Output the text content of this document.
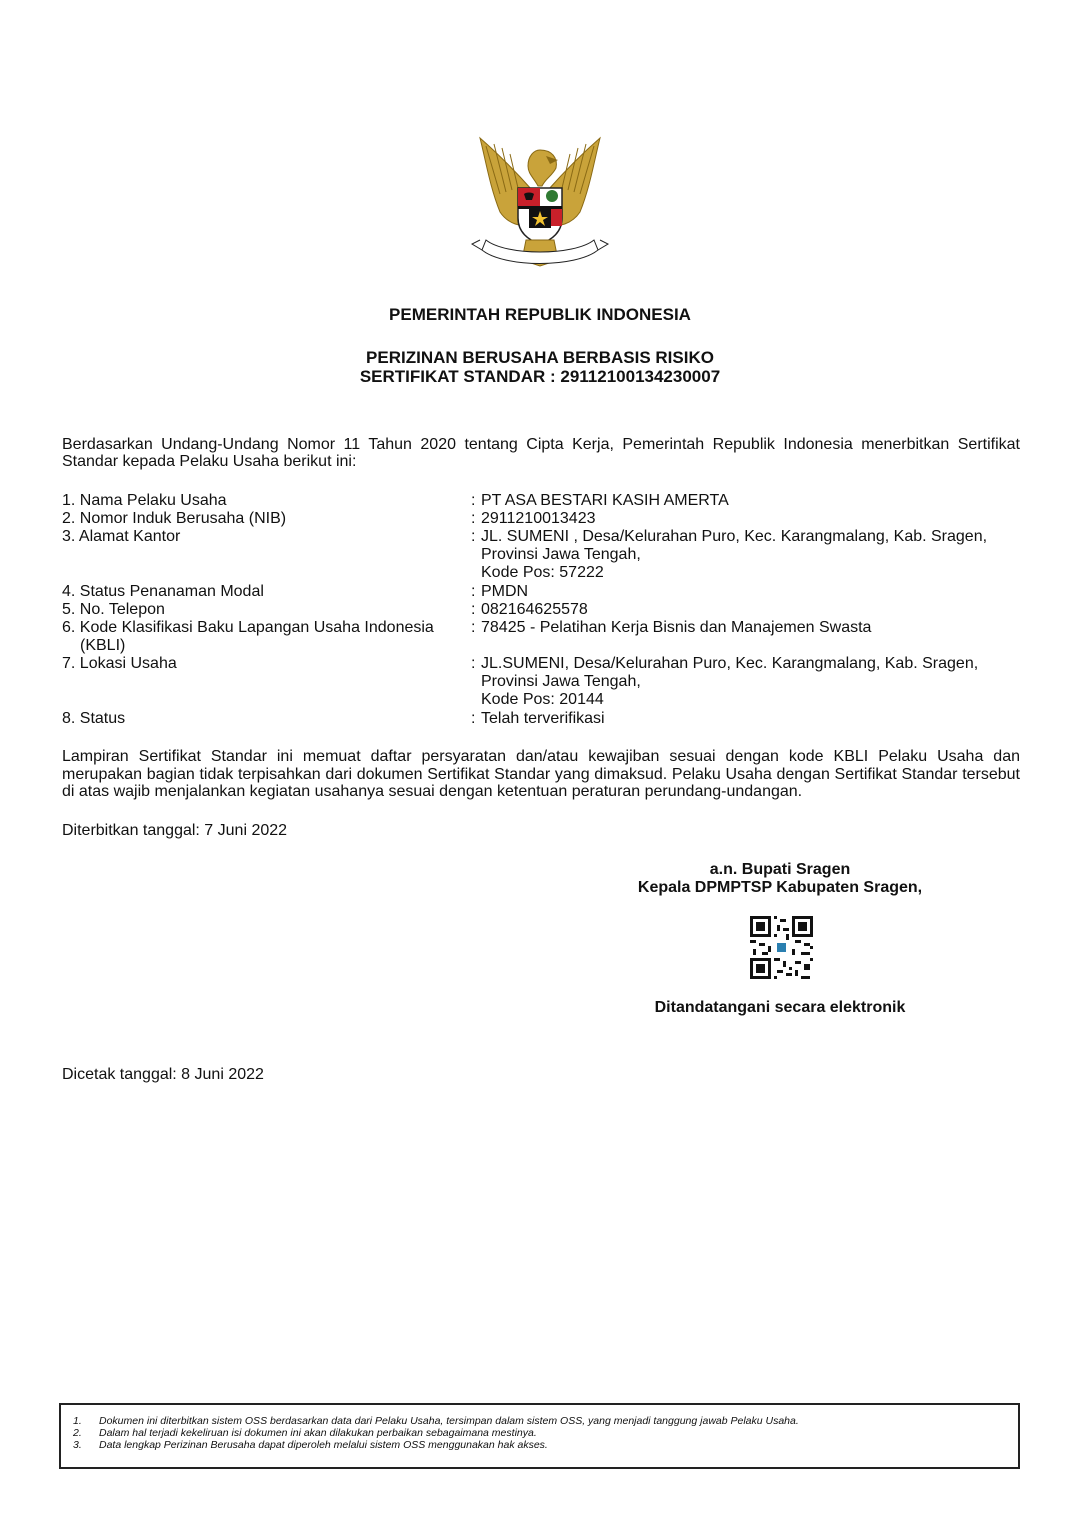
PEMERINTAH REPUBLIK INDONESIA
PERIZINAN BERUSAHA BERBASIS RISIKO
SERTIFIKAT STANDAR : 29112100134230007
Berdasarkan Undang-Undang Nomor 11 Tahun 2020 tentang Cipta Kerja, Pemerintah Republik Indonesia menerbitkan Sertifikat Standar kepada Pelaku Usaha berikut ini:
1. Nama Pelaku Usaha	: PT ASA BESTARI KASIH AMERTA
2. Nomor Induk Berusaha (NIB)	: 2911210013423
3. Alamat Kantor	: JL. SUMENI , Desa/Kelurahan Puro, Kec. Karangmalang, Kab. Sragen,
Provinsi Jawa Tengah,
Kode Pos: 57222
4. Status Penanaman Modal	: PMDN
5. No. Telepon	: 082164625578
6. Kode Klasifikasi Baku Lapangan Usaha Indonesia
(KBLI)
: 78425 - Pelatihan Kerja Bisnis dan Manajemen Swasta
7. Lokasi Usaha	: JL.SUMENI, Desa/Kelurahan Puro, Kec. Karangmalang, Kab. Sragen,
Provinsi Jawa Tengah,
Kode Pos: 20144
8. Status	: Telah terverifikasi
Lampiran Sertifikat Standar ini memuat daftar persyaratan dan/atau kewajiban sesuai dengan kode KBLI Pelaku Usaha dan merupakan bagian tidak terpisahkan dari dokumen Sertifikat Standar yang dimaksud. Pelaku Usaha dengan Sertifikat Standar tersebut di atas wajib menjalankan kegiatan usahanya sesuai dengan ketentuan peraturan perundang-undangan.
Diterbitkan tanggal: 7 Juni 2022
a.n. Bupati Sragen
Kepala DPMPTSP Kabupaten Sragen,
Ditandatangani secara elektronik
Dicetak tanggal: 8 Juni 2022
1. Dokumen ini diterbitkan sistem OSS berdasarkan data dari Pelaku Usaha, tersimpan dalam sistem OSS, yang menjadi tanggung jawab Pelaku Usaha.
2. Dalam hal terjadi kekeliruan isi dokumen ini akan dilakukan perbaikan sebagaimana mestinya.
3. Data lengkap Perizinan Berusaha dapat diperoleh melalui sistem OSS menggunakan hak akses.
